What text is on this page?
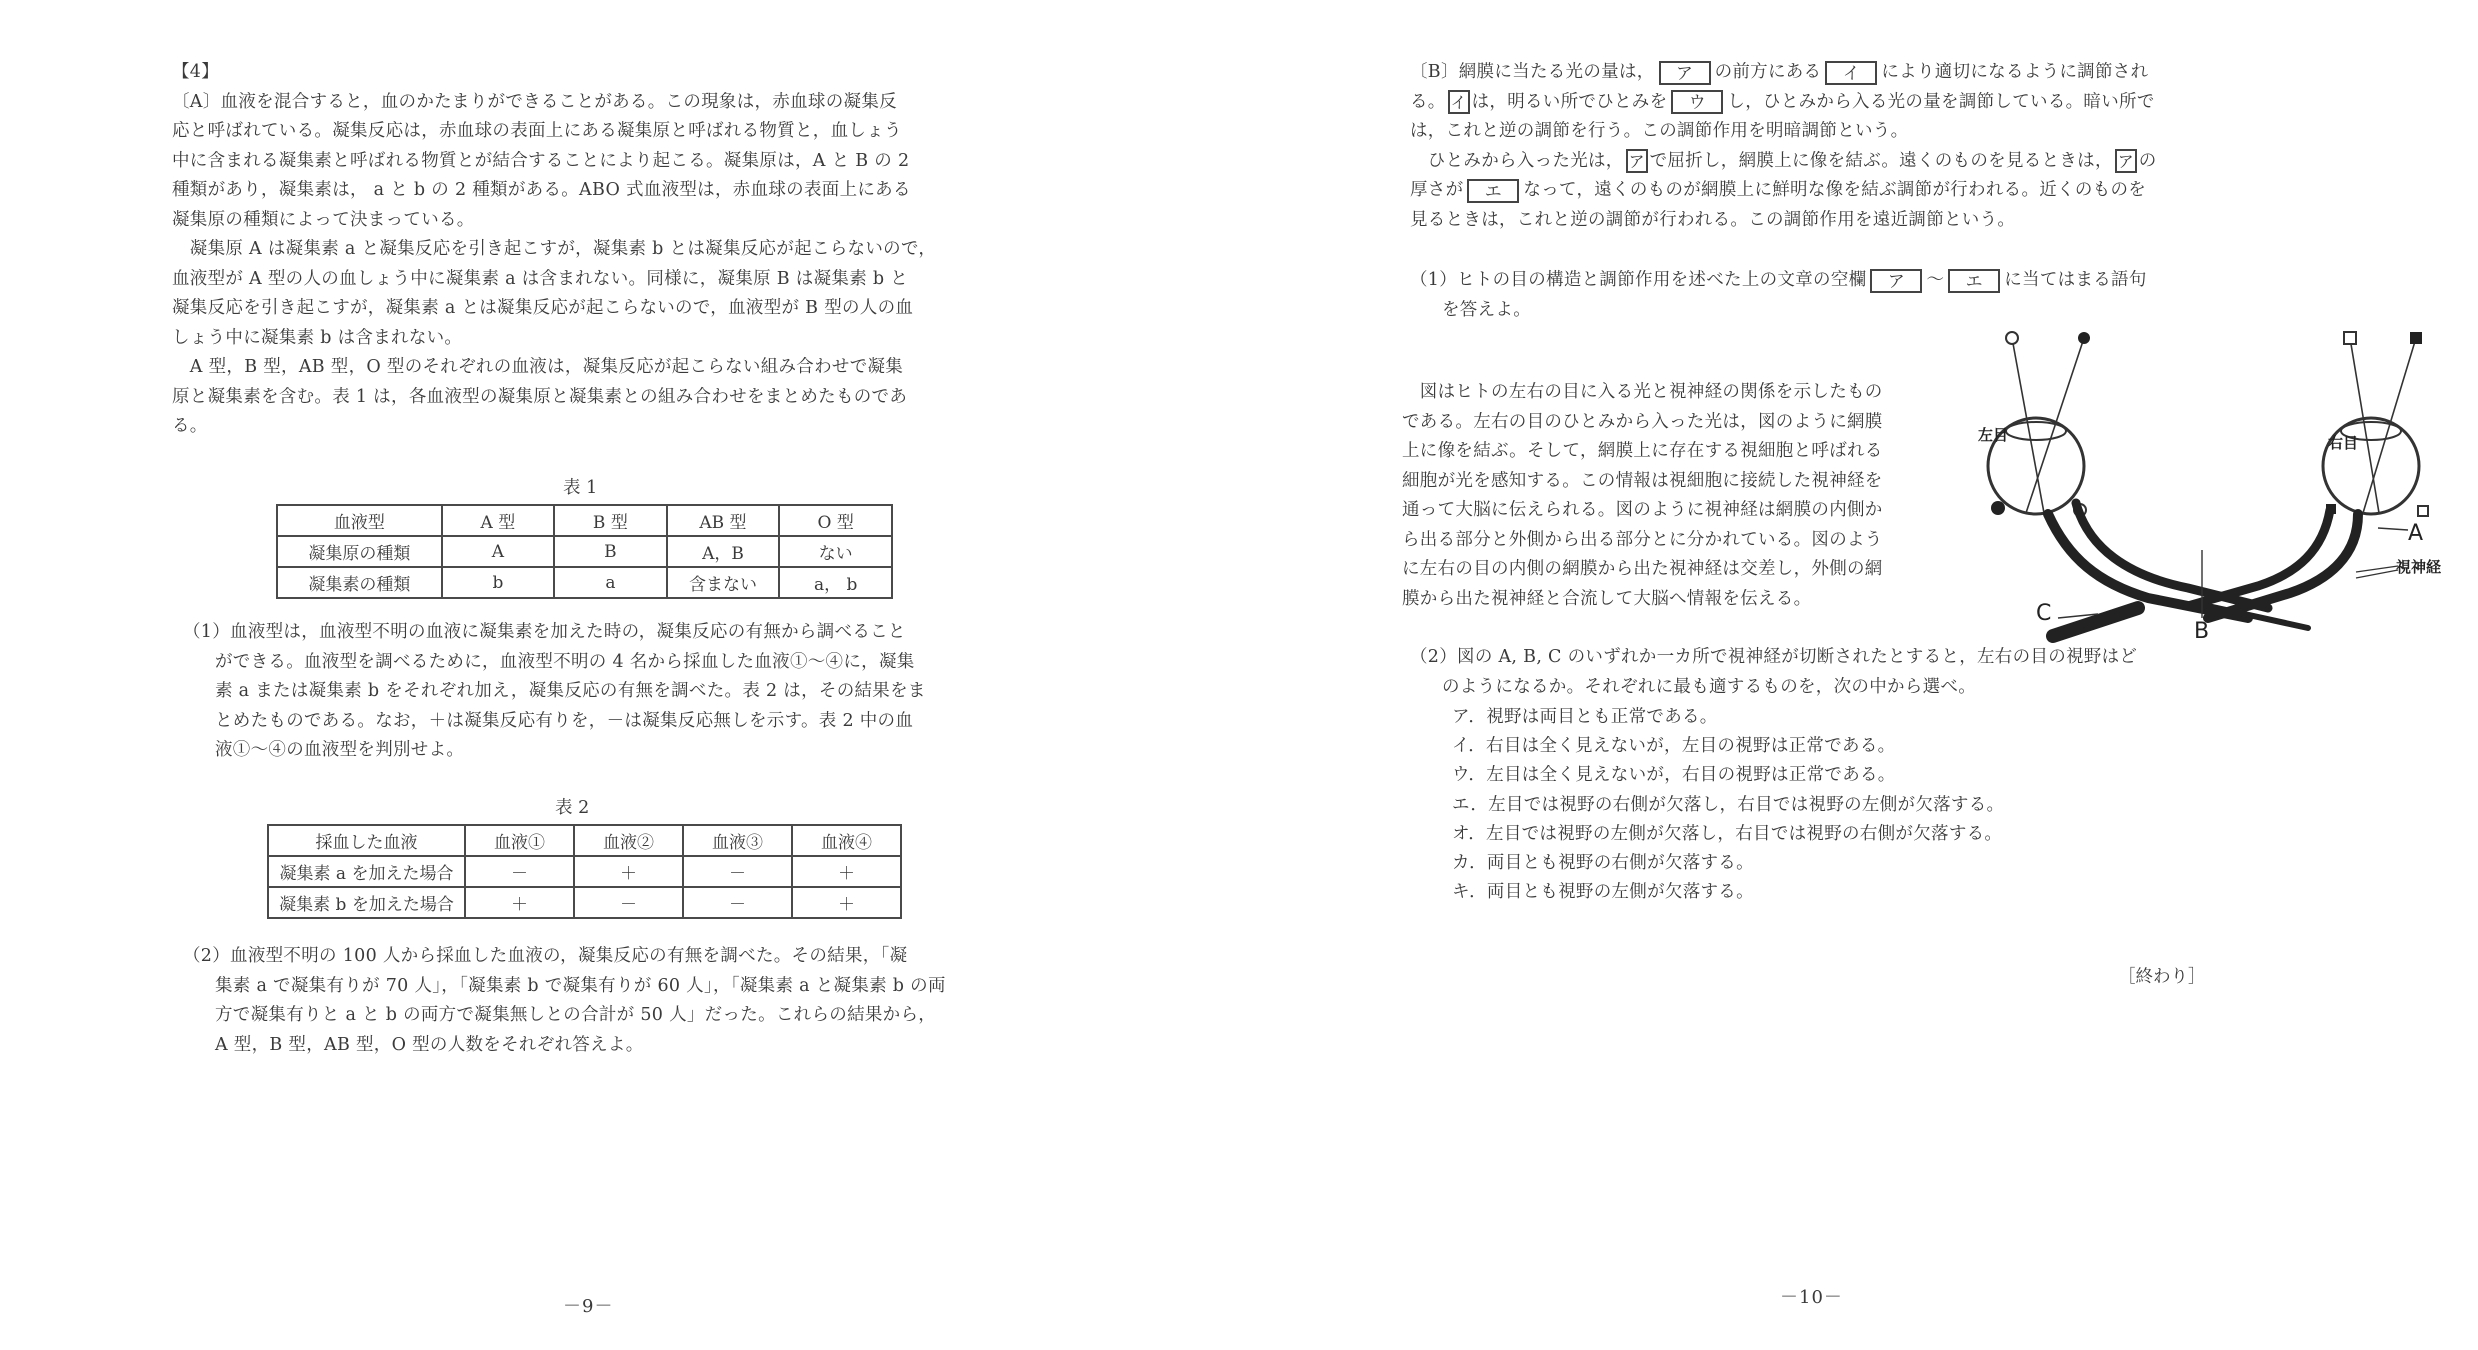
【4】
〔A〕血液を混合すると，血のかたまりができることがある。この現象は，赤血球の凝集反
応と呼ばれている。凝集反応は，赤血球の表面上にある凝集原と呼ばれる物質と，血しょう
中に含まれる凝集素と呼ばれる物質とが結合することにより起こる。凝集原は，A と B の 2
種類があり，凝集素は， a と b の 2 種類がある。ABO 式血液型は，赤血球の表面上にある
凝集原の種類によって決まっている。
　凝集原 A は凝集素 a と凝集反応を引き起こすが，凝集素 b とは凝集反応が起こらないので，
血液型が A 型の人の血しょう中に凝集素 a は含まれない。同様に，凝集原 B は凝集素 b と
凝集反応を引き起こすが，凝集素 a とは凝集反応が起こらないので，血液型が B 型の人の血
しょう中に凝集素 b は含まれない。
　A 型，B 型，AB 型，O 型のそれぞれの血液は，凝集反応が起こらない組み合わせで凝集
原と凝集素を含む。表 1 は，各血液型の凝集原と凝集素との組み合わせをまとめたものであ
る。
表 1
血液型	A 型	B 型	AB 型	O 型
凝集原の種類	A	B	A，B	ない
凝集素の種類	b	a	含まない	a， b
（1）血液型は，血液型不明の血液に凝集素を加えた時の，凝集反応の有無から調べること
ができる。血液型を調べるために，血液型不明の 4 名から採血した血液①～④に，凝集
素 a または凝集素 b をそれぞれ加え，凝集反応の有無を調べた。表 2 は，その結果をま
とめたものである。なお，＋は凝集反応有りを，－は凝集反応無しを示す。表 2 中の血
液①～④の血液型を判別せよ。
表 2
採血した血液	血液①	血液②	血液③	血液④
凝集素 a を加えた場合	－	＋	－	＋
凝集素 b を加えた場合	＋	－	－	＋
（2）血液型不明の 100 人から採血した血液の，凝集反応の有無を調べた。その結果，「凝
集素 a で凝集有りが 70 人」，「凝集素 b で凝集有りが 60 人」，「凝集素 a と凝集素 b の両
方で凝集有りと a と b の両方で凝集無しとの合計が 50 人」だった。これらの結果から，
A 型，B 型，AB 型，O 型の人数をそれぞれ答えよ。
－9－
〔B〕網膜に当たる光の量は， ア の前方にある イ により適切になるように調節され
る。 イ は，明るい所でひとみを ウ し，ひとみから入る光の量を調節している。暗い所で
は，これと逆の調節を行う。この調節作用を明暗調節という。
　ひとみから入った光は， ア で屈折し，網膜上に像を結ぶ。遠くのものを見るときは， ア の
厚さが エ なって，遠くのものが網膜上に鮮明な像を結ぶ調節が行われる。近くのものを
見るときは，これと逆の調節が行われる。この調節作用を遠近調節という。
（1）ヒトの目の構造と調節作用を述べた上の文章の空欄 ア ～ エ に当てはまる語句
を答えよ。
　図はヒトの左右の目に入る光と視神経の関係を示したもの
である。左右の目のひとみから入った光は，図のように網膜
上に像を結ぶ。そして，網膜上に存在する視細胞と呼ばれる
細胞が光を感知する。この情報は視細胞に接続した視神経を
通って大脳に伝えられる。図のように視神経は網膜の内側か
ら出る部分と外側から出る部分とに分かれている。図のよう
に左右の目の内側の網膜から出た視神経は交差し，外側の網
膜から出た視神経と合流して大脳へ情報を伝える。
左目	右目
A
B
C
視神経
（2）図の A, B, C のいずれか一カ所で視神経が切断されたとすると，左右の目の視野はど
のようになるか。それぞれに最も適するものを，次の中から選べ。
ア．視野は両目とも正常である。
イ．右目は全く見えないが，左目の視野は正常である。
ウ．左目は全く見えないが，右目の視野は正常である。
エ．左目では視野の右側が欠落し，右目では視野の左側が欠落する。
オ．左目では視野の左側が欠落し，右目では視野の右側が欠落する。
カ．両目とも視野の右側が欠落する。
キ．両目とも視野の左側が欠落する。
［終わり］
－10－
